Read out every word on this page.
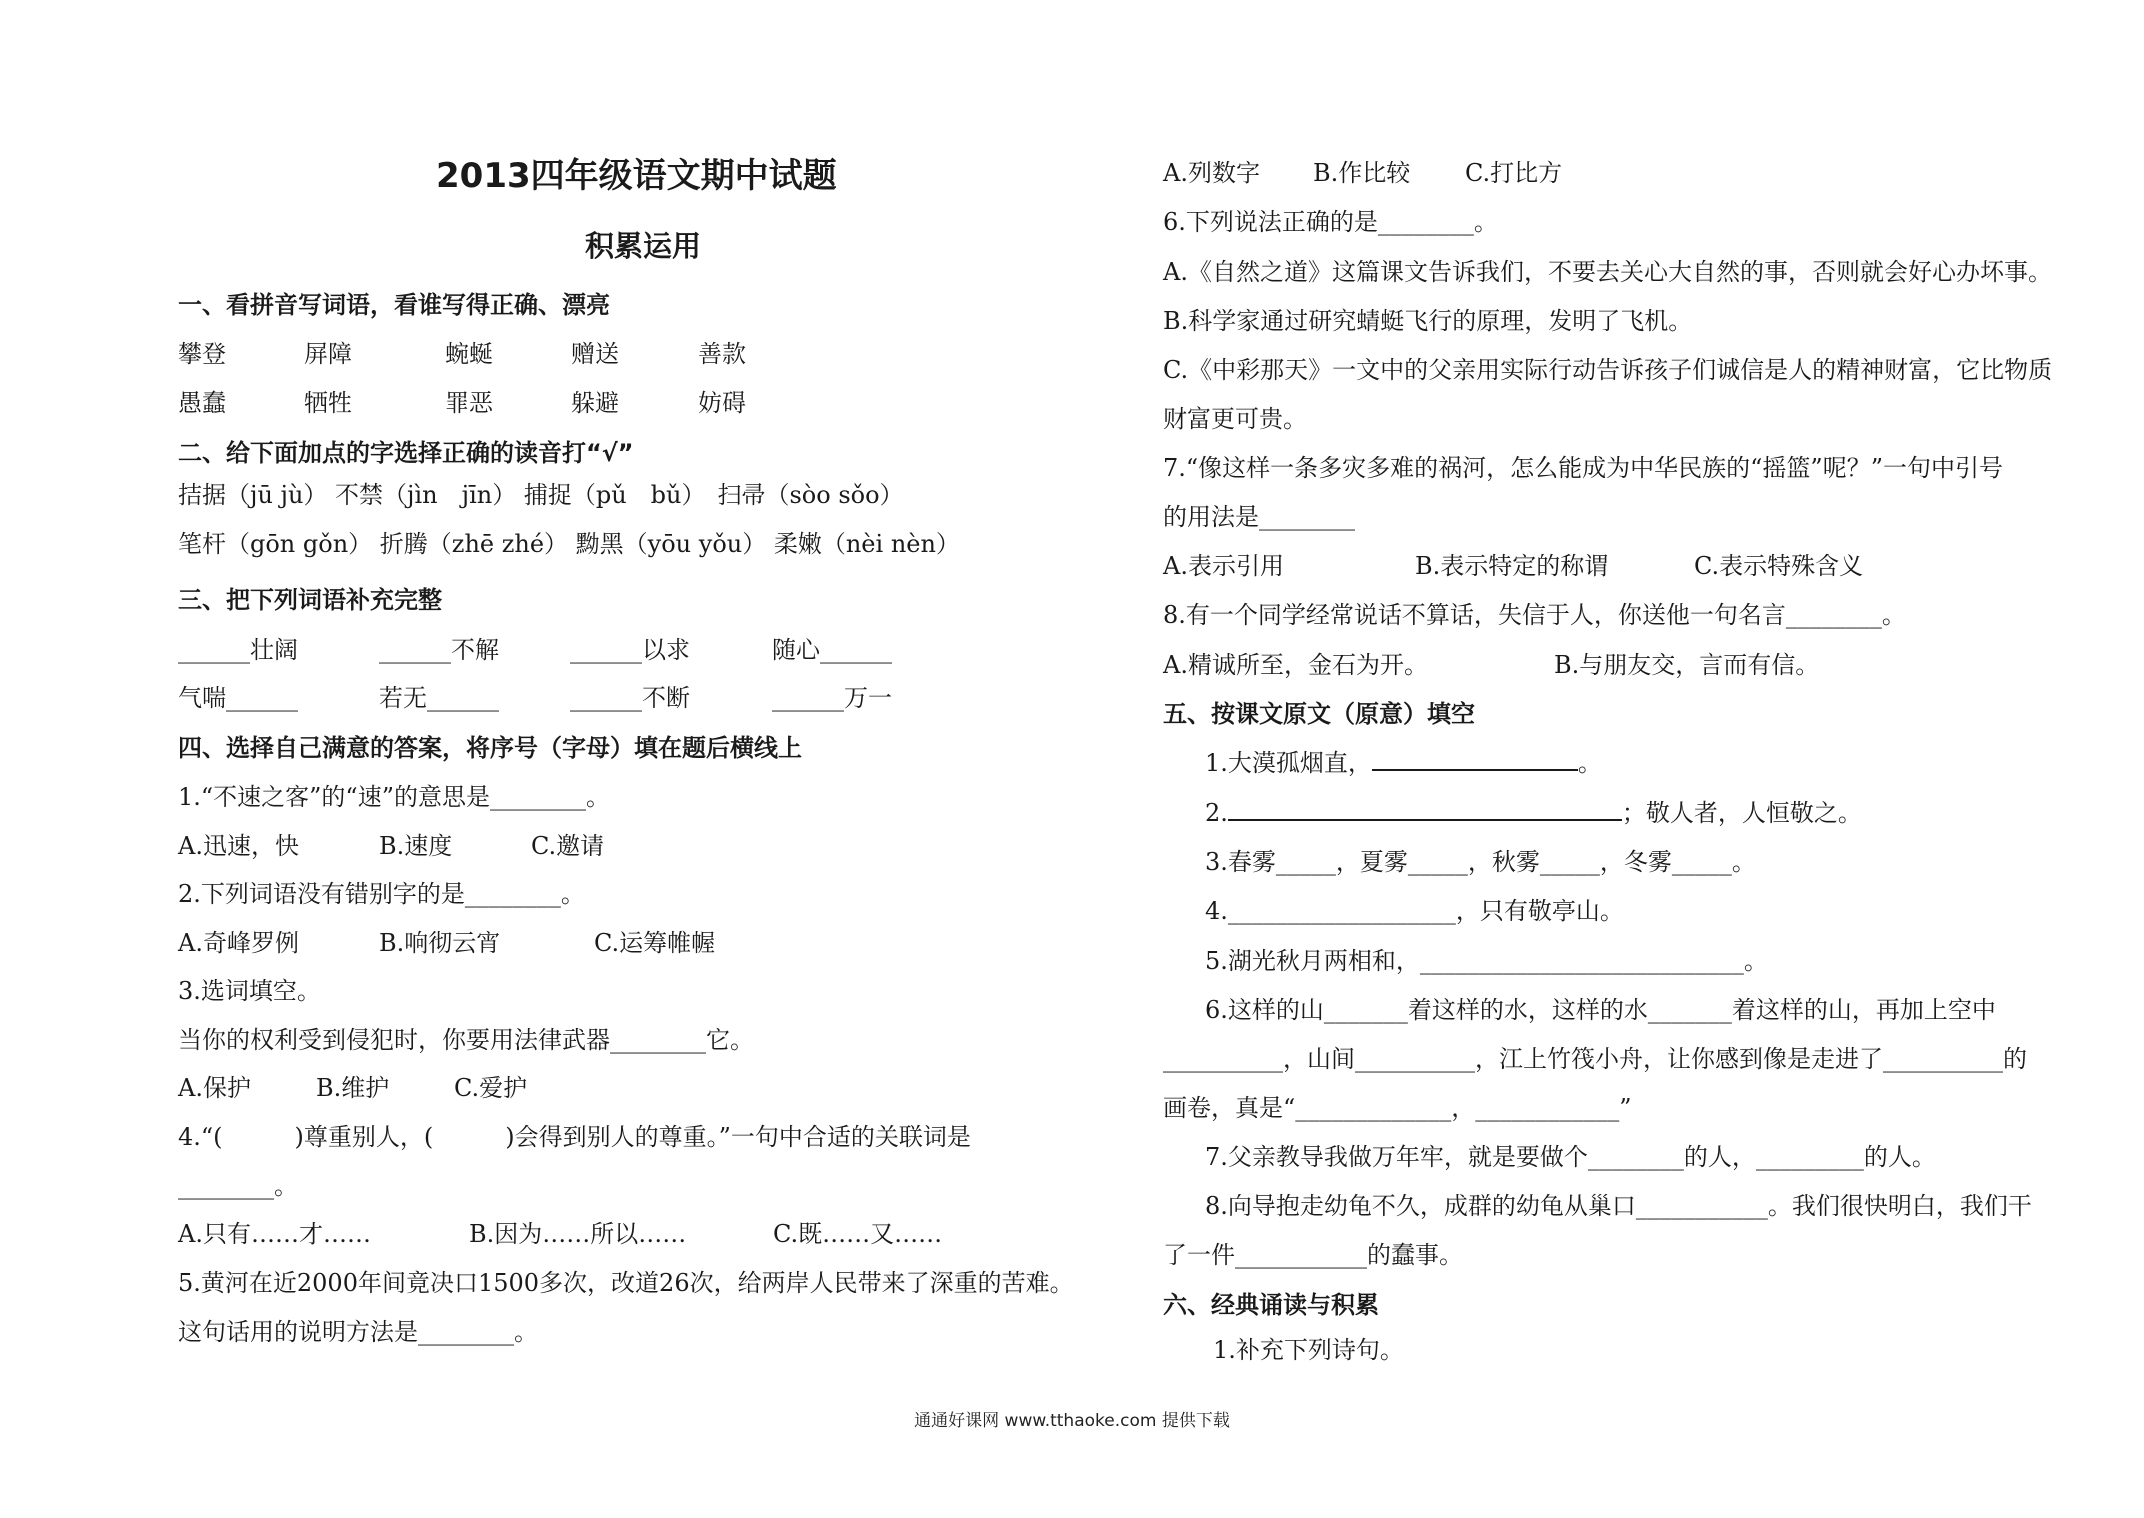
2013四年级语文期中试题
积累运用
一、看拼音写词语，看谁写得正确、漂亮
攀登	屏障	蜿蜒	赠送	善款
愚蠢	牺牲	罪恶	躲避	妨碍
二、给下面加点的字选择正确的读音打“√”
拮据（jū jù） 不禁（jìn　jīn） 捕捉（pǔ　bǔ）　扫帚（sòo sǒo）
笔杆（gōn gǒn） 折腾（zhē zhé） 黝黑（yōu yǒu） 柔嫩（nèi nèn）
三、把下列词语补充完整
______壮阔	______不解	______以求	随心______
气喘______	若无______	______不断	______万一
四、选择自己满意的答案，将序号（字母）填在题后横线上
1.“不速之客”的“速”的意思是________。
A.迅速，快	B.速度	C.邀请
2.下列词语没有错别字的是________。
A.奇峰罗例	B.响彻云宵	C.运筹帷幄
3.选词填空。
当你的权利受到侵犯时，你要用法律武器________它。
A.保护	B.维护	C.爱护
4.“(　　　)尊重别人，(　　　)会得到别人的尊重。”一句中合适的关联词是
________。
A.只有……才……	B.因为……所以……	C.既……又……
5.黄河在近2000年间竟决口1500多次，改道26次，给两岸人民带来了深重的苦难。
这句话用的说明方法是________。
A.列数字	B.作比较	C.打比方
6.下列说法正确的是________。
A.《自然之道》这篇课文告诉我们，不要去关心大自然的事，否则就会好心办坏事。
B.科学家通过研究蜻蜓飞行的原理，发明了飞机。
C.《中彩那天》一文中的父亲用实际行动告诉孩子们诚信是人的精神财富，它比物质
财富更可贵。
7.“像这样一条多灾多难的祸河，怎么能成为中华民族的“摇篮”呢？”一句中引号
的用法是________
A.表示引用	B.表示特定的称谓	C.表示特殊含义
8.有一个同学经常说话不算话，失信于人，你送他一句名言________。
A.精诚所至，金石为开。	B.与朋友交，言而有信。
五、按课文原文（原意）填空
1.大漠孤烟直，	。
2.	；敬人者，人恒敬之。
3.春雾_____，夏雾_____，秋雾_____，冬雾_____。
4.___________________，只有敬亭山。
5.湖光秋月两相和，___________________________。
6.这样的山_______着这样的水，这样的水_______着这样的山，再加上空中
__________，山间__________，江上竹筏小舟，让你感到像是走进了__________的
画卷，真是“_____________，____________”
7.父亲教导我做万年牢，就是要做个________的人，_________的人。
8.向导抱走幼龟不久，成群的幼龟从巢口___________。我们很快明白，我们干
了一件___________的蠢事。
六、经典诵读与积累
1.补充下列诗句。
通通好课网 www.tthaoke.com 提供下载
